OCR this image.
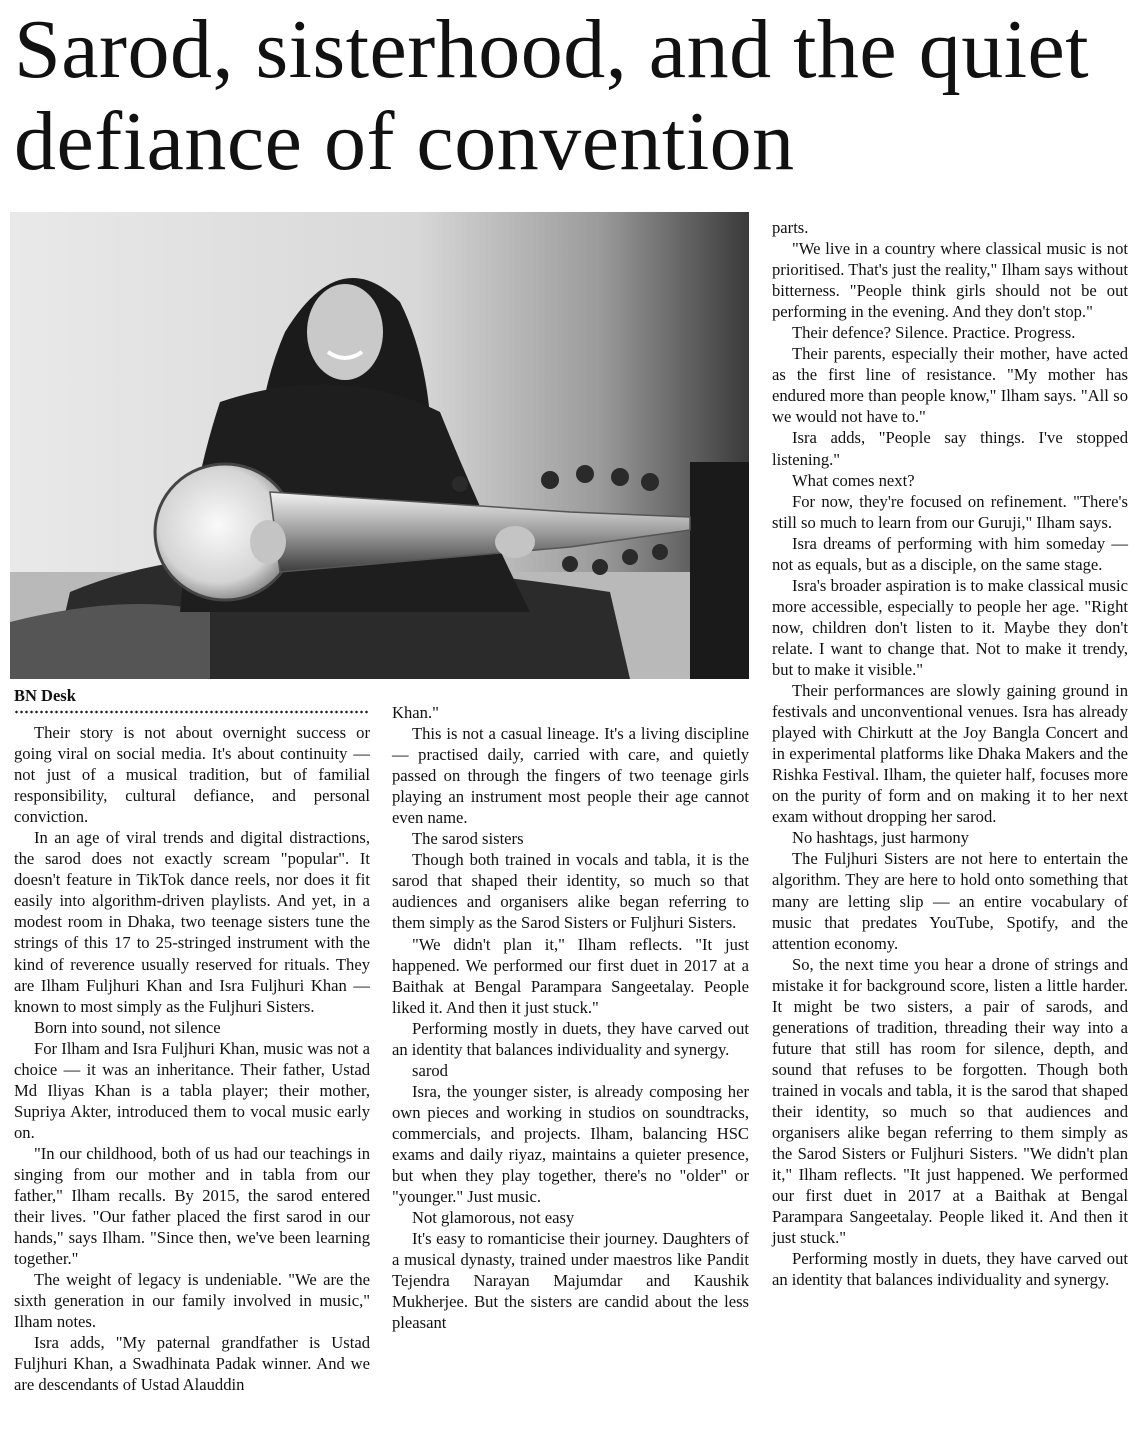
Sarod, sisterhood, and the quiet defiance of convention
BN Desk

Their story is not about overnight success or going viral on social media. It's about continuity — not just of a musical tradition, but of familial responsibility, cultural defiance, and personal conviction.

In an age of viral trends and digital distractions, the sarod does not exactly scream "popular". It doesn't feature in TikTok dance reels, nor does it fit easily into algorithm-driven playlists. And yet, in a modest room in Dhaka, two teenage sisters tune the strings of this 17 to 25-stringed instrument with the kind of reverence usually reserved for rituals. They are Ilham Fuljhuri Khan and Isra Fuljhuri Khan — known to most simply as the Fuljhuri Sisters.

Born into sound, not silence

For Ilham and Isra Fuljhuri Khan, music was not a choice — it was an inheritance. Their father, Ustad Md Iliyas Khan is a tabla player; their mother, Supriya Akter, introduced them to vocal music early on.

"In our childhood, both of us had our teachings in singing from our mother and in tabla from our father," Ilham recalls. By 2015, the sarod entered their lives. "Our father placed the first sarod in our hands," says Ilham. "Since then, we've been learning together."

The weight of legacy is undeniable. "We are the sixth generation in our family involved in music," Ilham notes.

Isra adds, "My paternal grandfather is Ustad Fuljhuri Khan, a Swadhinata Padak winner. And we are descendants of Ustad Alauddin

Khan."

This is not a casual lineage. It's a living discipline — practised daily, carried with care, and quietly passed on through the fingers of two teenage girls playing an instrument most people their age cannot even name.

The sarod sisters

Though both trained in vocals and tabla, it is the sarod that shaped their identity, so much so that audiences and organisers alike began referring to them simply as the Sarod Sisters or Fuljhuri Sisters.

"We didn't plan it," Ilham reflects. "It just happened. We performed our first duet in 2017 at a Baithak at Bengal Parampara Sangeetalay. People liked it. And then it just stuck."

Performing mostly in duets, they have carved out an identity that balances individuality and synergy.

sarod

Isra, the younger sister, is already composing her own pieces and working in studios on soundtracks, commercials, and projects. Ilham, balancing HSC exams and daily riyaz, maintains a quieter presence, but when they play together, there's no "older" or "younger." Just music.

Not glamorous, not easy

It's easy to romanticise their journey. Daughters of a musical dynasty, trained under maestros like Pandit Tejendra Narayan Majumdar and Kaushik Mukherjee. But the sisters are candid about the less pleasant

parts.

"We live in a country where classical music is not prioritised. That's just the reality," Ilham says without bitterness. "People think girls should not be out performing in the evening. And they don't stop."

Their defence? Silence. Practice. Progress.

Their parents, especially their mother, have acted as the first line of resistance. "My mother has endured more than people know," Ilham says. "All so we would not have to."

Isra adds, "People say things. I've stopped listening."

What comes next?

For now, they're focused on refinement. "There's still so much to learn from our Guruji," Ilham says.

Isra dreams of performing with him someday — not as equals, but as a disciple, on the same stage.

Isra's broader aspiration is to make classical music more accessible, especially to people her age. "Right now, children don't listen to it. Maybe they don't relate. I want to change that. Not to make it trendy, but to make it visible."

Their performances are slowly gaining ground in festivals and unconventional venues. Isra has already played with Chirkutt at the Joy Bangla Concert and in experimental platforms like Dhaka Makers and the Rishka Festival. Ilham, the quieter half, focuses more on the purity of form and on making it to her next exam without dropping her sarod.

No hashtags, just harmony

The Fuljhuri Sisters are not here to entertain the algorithm. They are here to hold onto something that many are letting slip — an entire vocabulary of music that predates YouTube, Spotify, and the attention economy.

So, the next time you hear a drone of strings and mistake it for background score, listen a little harder. It might be two sisters, a pair of sarods, and generations of tradition, threading their way into a future that still has room for silence, depth, and sound that refuses to be forgotten. Though both trained in vocals and tabla, it is the sarod that shaped their identity, so much so that audiences and organisers alike began referring to them simply as the Sarod Sisters or Fuljhuri Sisters. "We didn't plan it," Ilham reflects. "It just happened. We performed our first duet in 2017 at a Baithak at Bengal Parampara Sangeetalay. People liked it. And then it just stuck."

Performing mostly in duets, they have carved out an identity that balances individuality and synergy.
